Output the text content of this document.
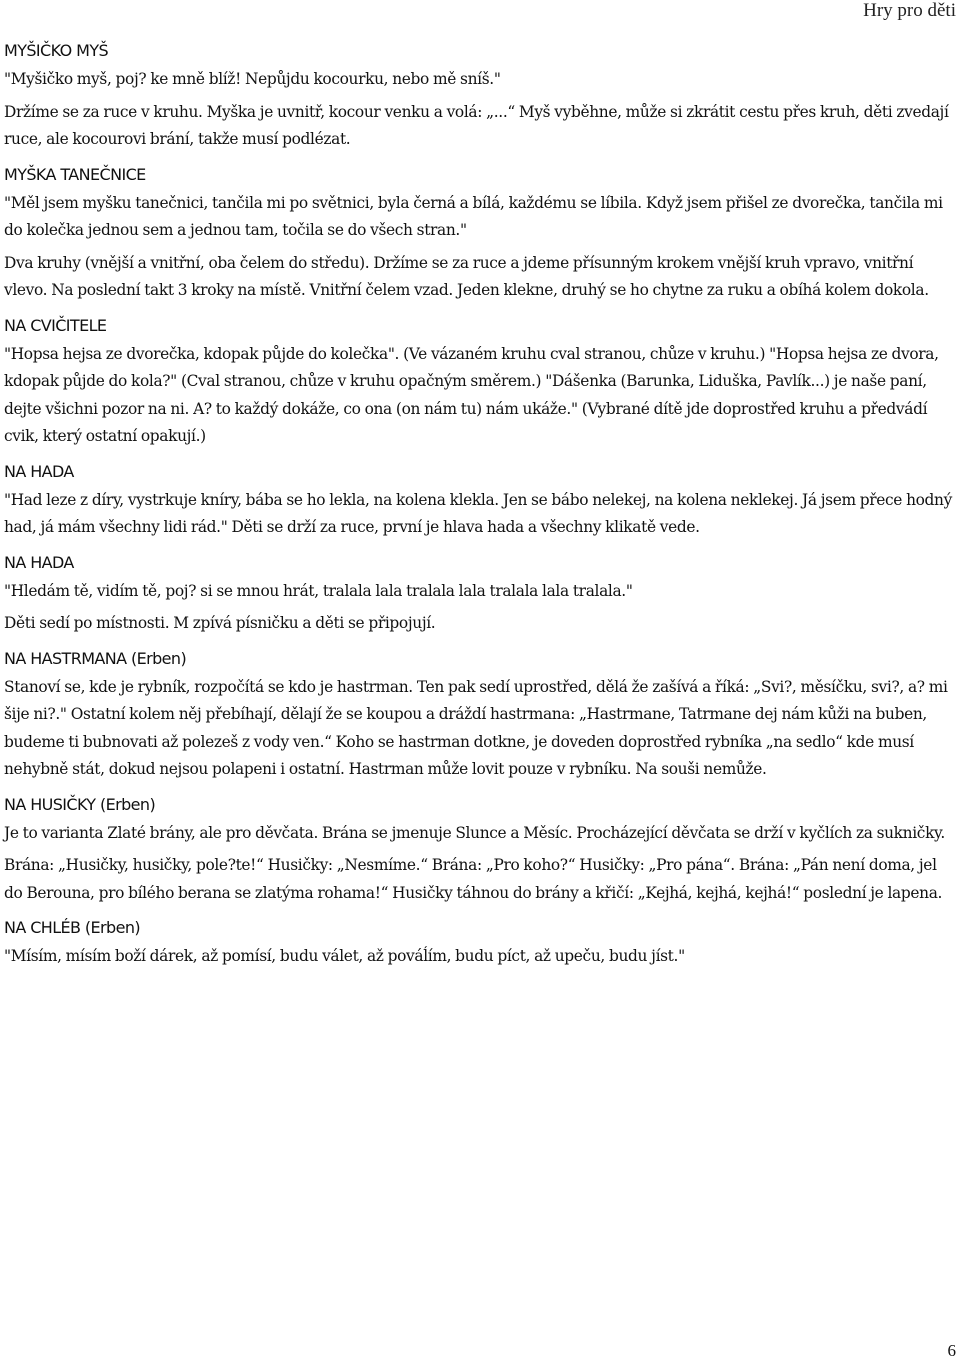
Hry pro děti
MYŠIČKO MYŠ
"Myšičko myš, poj? ke mně blíž! Nepůjdu kocourku, nebo mě sníš."
Držíme se za ruce v kruhu. Myška je uvnitř, kocour venku a volá: „...“ Myš vyběhne, může si zkrátit cestu přes kruh, děti zvedají ruce, ale kocourovi brání, takže musí podlézat.
MYŠKA TANEČNICE
"Měl jsem myšku tanečnici, tančila mi po světnici, byla černá a bílá, každému se líbila. Když jsem přišel ze dvorečka, tančila mi do kolečka jednou sem a jednou tam, točila se do všech stran."
Dva kruhy (vnější a vnitřní, oba čelem do středu). Držíme se za ruce a jdeme přísunným krokem vnější kruh vpravo, vnitřní vlevo. Na poslední takt 3 kroky na místě. Vnitřní čelem vzad. Jeden klekne, druhý se ho chytne za ruku a obíhá kolem dokola.
NA CVIČITELE
"Hopsa hejsa ze dvorečka, kdopak půjde do kolečka". (Ve vázaném kruhu cval stranou, chůze v kruhu.) "Hopsa hejsa ze dvora, kdopak půjde do kola?" (Cval stranou, chůze v kruhu opačným směrem.) "Dášenka (Barunka, Liduška, Pavlík...) je naše paní, dejte všichni pozor na ni. A? to každý dokáže, co ona (on nám tu) nám ukáže." (Vybrané dítě jde doprostřed kruhu a předvádí cvik, který ostatní opakují.)
NA HADA
"Had leze z díry, vystrkuje kníry, bába se ho lekla, na kolena klekla. Jen se bábo nelekej, na kolena neklekej. Já jsem přece hodný had, já mám všechny lidi rád." Děti se drží za ruce, první je hlava hada a všechny klikatě vede.
NA HADA
"Hledám tě, vidím tě, poj? si se mnou hrát, tralala lala tralala lala tralala lala tralala."
Děti sedí po místnosti. M zpívá písničku a děti se připojují.
NA HASTRMANA (Erben)
Stanoví se, kde je rybník, rozpočítá se kdo je hastrman. Ten pak sedí uprostřed, dělá že zašívá a říká: „Svi?, měsíčku, svi?, a? mi šije ni?." Ostatní kolem něj přebíhají, dělají že se koupou a dráždí hastrmana: „Hastrmane, Tatrmane dej nám kůži na buben, budeme ti bubnovati až polezeš z vody ven.“ Koho se hastrman dotkne, je doveden doprostřed rybníka „na sedlo“ kde musí nehybně stát, dokud nejsou polapeni i ostatní. Hastrman může lovit pouze v rybníku. Na souši nemůže.
NA HUSIČKY (Erben)
Je to varianta Zlaté brány, ale pro děvčata. Brána se jmenuje Slunce a Měsíc. Procházející děvčata se drží v kyčlích za sukničky.
Brána: „Husičky, husičky, pole?te!“ Husičky: „Nesmíme.“ Brána: „Pro koho?“ Husičky: „Pro pána“. Brána: „Pán není doma, jel do Berouna, pro bílého berana se zlatýma rohama!“ Husičky táhnou do brány a křičí: „Kejhá, kejhá, kejhá!“ poslední je lapena.
NA CHLÉB (Erben)
"Mísím, mísím boží dárek, až pomísí, budu válet, až pováĺím, budu píct, až upeču, budu jíst."
6
